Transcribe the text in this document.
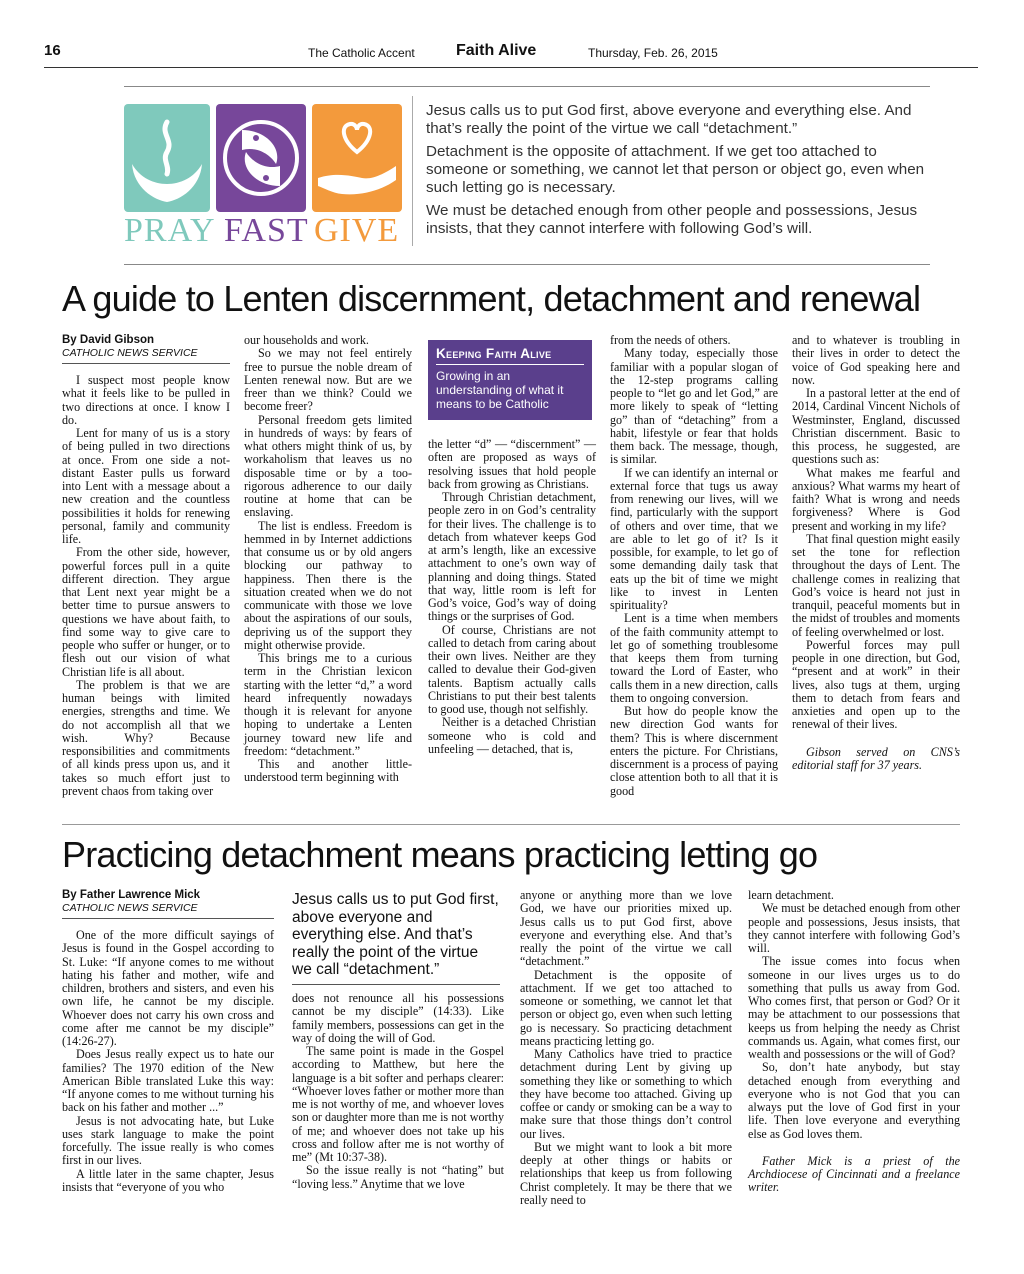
16	The Catholic Accent	Faith Alive	Thursday, Feb. 26, 2015
PRAY FAST GIVE

Jesus calls us to put God first, above everyone and everything else. And that’s really the point of the virtue we call “detachment.”

Detachment is the opposite of attachment. If we get too attached to someone or something, we cannot let that person or object go, even when such letting go is necessary.

We must be detached enough from other people and possessions, Jesus insists, that they cannot interfere with following God’s will.

A guide to Lenten discernment, detachment and renewal
By David Gibson
CATHOLIC NEWS SERVICE

I suspect most people know what it feels like to be pulled in two directions at once. I know I do.

Lent for many of us is a story of being pulled in two directions at once. From one side a not-distant Easter pulls us forward into Lent with a message about a new creation and the countless possibilities it holds for renewing personal, family and community life.

From the other side, however, powerful forces pull in a quite different direction. They argue that Lent next year might be a better time to pursue answers to questions we have about faith, to find some way to give care to people who suffer or hunger, or to flesh out our vision of what Christian life is all about.

The problem is that we are human beings with limited energies, strengths and time. We do not accomplish all that we wish. Why? Because responsibilities and commitments of all kinds press upon us, and it takes so much effort just to prevent chaos from taking over

our households and work.

So we may not feel entirely free to pursue the noble dream of Lenten renewal now. But are we freer than we think? Could we become freer?

Personal freedom gets limited in hundreds of ways: by fears of what others might think of us, by workaholism that leaves us no disposable time or by a too-rigorous adherence to our daily routine at home that can be enslaving.

The list is endless. Freedom is hemmed in by Internet addictions that consume us or by old angers blocking our pathway to happiness. Then there is the situation created when we do not communicate with those we love about the aspirations of our souls, depriving us of the support they might otherwise provide.

This brings me to a curious term in the Christian lexicon starting with the letter “d,” a word heard infrequently nowadays though it is relevant for anyone hoping to undertake a Lenten journey toward new life and freedom: “detachment.”

This and another little-understood term beginning with

Keeping Faith Alive
Growing in an understanding of what it means to be Catholic

the letter “d” — “discernment” — often are proposed as ways of resolving issues that hold people back from growing as Christians.

Through Christian detachment, people zero in on God’s centrality for their lives. The challenge is to detach from whatever keeps God at arm’s length, like an excessive attachment to one’s own way of planning and doing things. Stated that way, little room is left for God’s voice, God’s way of doing things or the surprises of God.

Of course, Christians are not called to detach from caring about their own lives. Neither are they called to devalue their God-given talents. Baptism actually calls Christians to put their best talents to good use, though not selfishly.

Neither is a detached Christian someone who is cold and unfeeling — detached, that is,

from the needs of others.

Many today, especially those familiar with a popular slogan of the 12-step programs calling people to “let go and let God,” are more likely to speak of “letting go” than of “detaching” from a habit, lifestyle or fear that holds them back. The message, though, is similar.

If we can identify an internal or external force that tugs us away from renewing our lives, will we find, particularly with the support of others and over time, that we are able to let go of it? Is it possible, for example, to let go of some demanding daily task that eats up the bit of time we might like to invest in Lenten spirituality?

Lent is a time when members of the faith community attempt to let go of something troublesome that keeps them from turning toward the Lord of Easter, who calls them in a new direction, calls them to ongoing conversion.

But how do people know the new direction God wants for them? This is where discernment enters the picture. For Christians, discernment is a process of paying close attention both to all that it is good

and to whatever is troubling in their lives in order to detect the voice of God speaking here and now.

In a pastoral letter at the end of 2014, Cardinal Vincent Nichols of Westminster, England, discussed Christian discernment. Basic to this process, he suggested, are questions such as:

What makes me fearful and anxious? What warms my heart of faith? What is wrong and needs forgiveness? Where is God present and working in my life?

That final question might easily set the tone for reflection throughout the days of Lent. The challenge comes in realizing that God’s voice is heard not just in tranquil, peaceful moments but in the midst of troubles and moments of feeling overwhelmed or lost.

Powerful forces may pull people in one direction, but God, “present and at work” in their lives, also tugs at them, urging them to detach from fears and anxieties and open up to the renewal of their lives.

Gibson served on CNS’s editorial staff for 37 years.

Practicing detachment means practicing letting go
By Father Lawrence Mick
CATHOLIC NEWS SERVICE

One of the more difficult sayings of Jesus is found in the Gospel according to St. Luke: “If anyone comes to me without hating his father and mother, wife and children, brothers and sisters, and even his own life, he cannot be my disciple. Whoever does not carry his own cross and come after me cannot be my disciple” (14:26-27).

Does Jesus really expect us to hate our families? The 1970 edition of the New American Bible translated Luke this way: “If anyone comes to me without turning his back on his father and mother ...”

Jesus is not advocating hate, but Luke uses stark language to make the point forcefully. The issue really is who comes first in our lives.

A little later in the same chapter, Jesus insists that “everyone of you who

Jesus calls us to put God first, above everyone and everything else. And that’s really the point of the virtue we call “detachment.”

does not renounce all his possessions cannot be my disciple” (14:33). Like family members, possessions can get in the way of doing the will of God.

The same point is made in the Gospel according to Matthew, but here the language is a bit softer and perhaps clearer: “Whoever loves father or mother more than me is not worthy of me, and whoever loves son or daughter more than me is not worthy of me; and whoever does not take up his cross and follow after me is not worthy of me” (Mt 10:37-38).

So the issue really is not “hating” but “loving less.” Anytime that we love

anyone or anything more than we love God, we have our priorities mixed up. Jesus calls us to put God first, above everyone and everything else. And that’s really the point of the virtue we call “detachment.”

Detachment is the opposite of attachment. If we get too attached to someone or something, we cannot let that person or object go, even when such letting go is necessary. So practicing detachment means practicing letting go.

Many Catholics have tried to practice detachment during Lent by giving up something they like or something to which they have become too attached. Giving up coffee or candy or smoking can be a way to make sure that those things don’t control our lives.

But we might want to look a bit more deeply at other things or habits or relationships that keep us from following Christ completely. It may be there that we really need to

learn detachment.

We must be detached enough from other people and possessions, Jesus insists, that they cannot interfere with following God’s will.

The issue comes into focus when someone in our lives urges us to do something that pulls us away from God. Who comes first, that person or God? Or it may be attachment to our possessions that keeps us from helping the needy as Christ commands us. Again, what comes first, our wealth and possessions or the will of God?

So, don’t hate anybody, but stay detached enough from everything and everyone who is not God that you can always put the love of God first in your life. Then love everyone and everything else as God loves them.

Father Mick is a priest of the Archdiocese of Cincinnati and a freelance writer.
